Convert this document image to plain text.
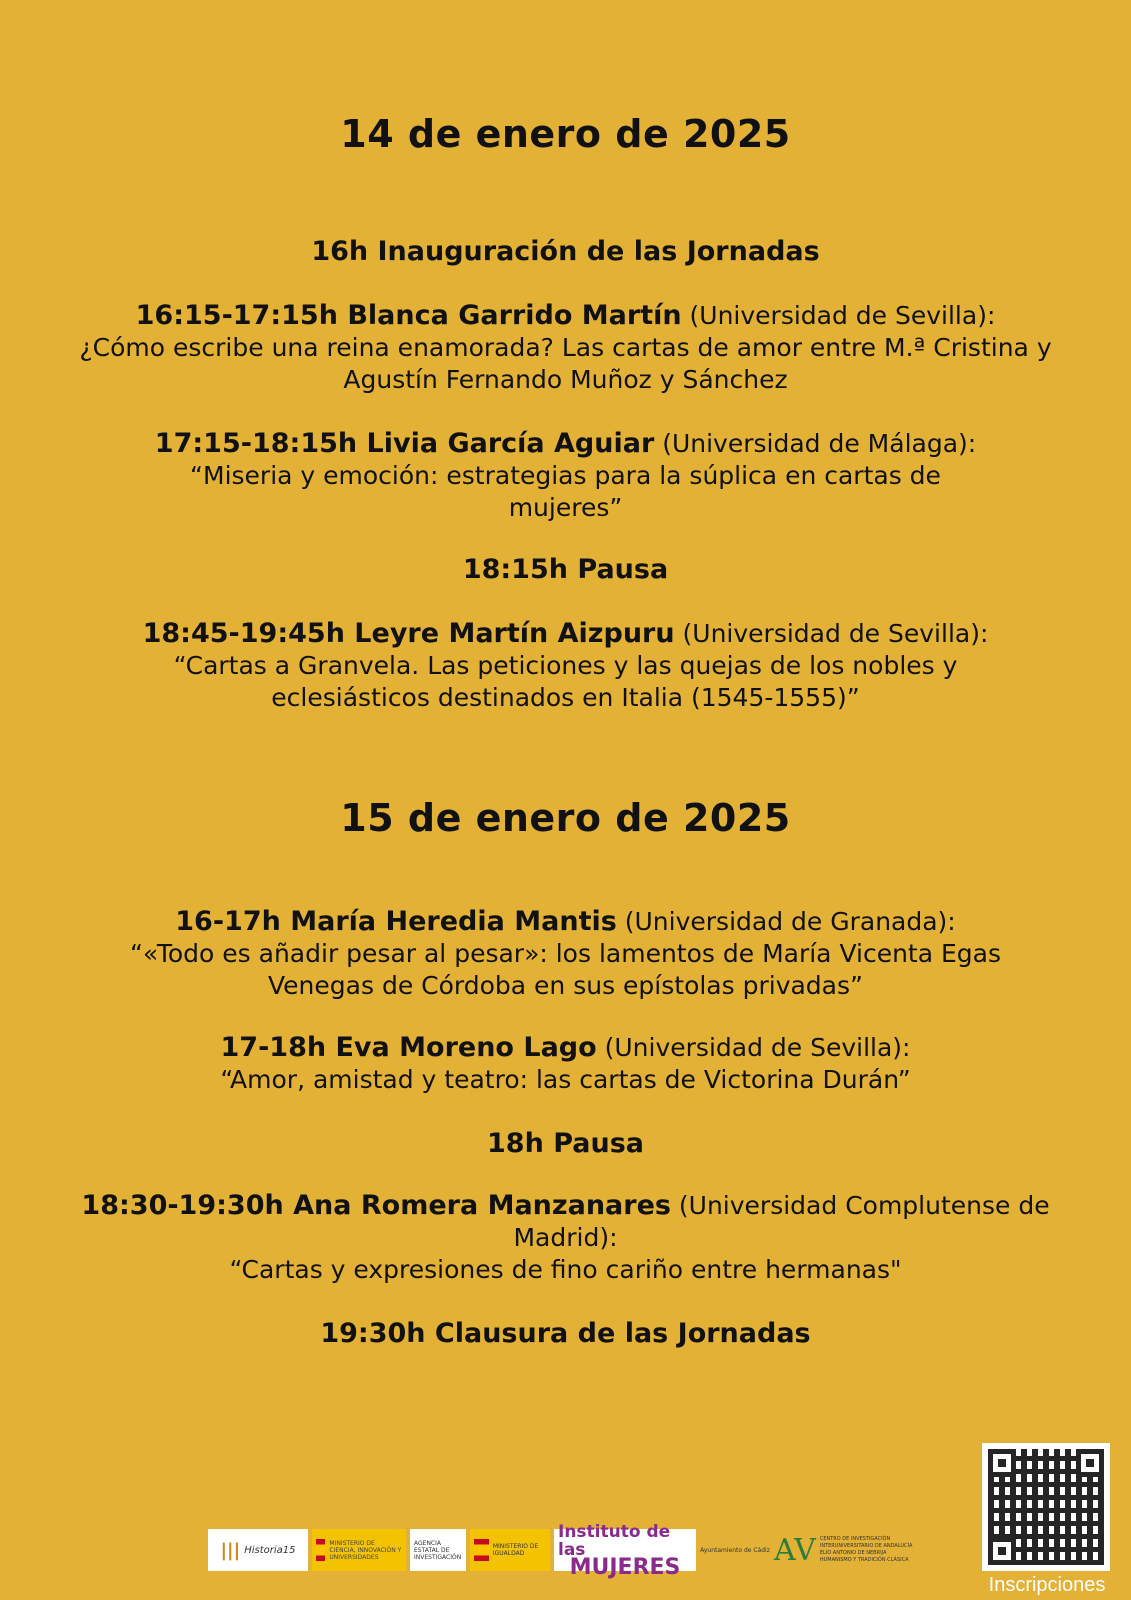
14 de enero de 2025
16h Inauguración de las Jornadas
16:15-17:15h Blanca Garrido Martín (Universidad de Sevilla):
¿Cómo escribe una reina enamorada? Las cartas de amor entre M.ª Cristina y Agustín Fernando Muñoz y Sánchez
17:15-18:15h Livia García Aguiar (Universidad de Málaga):
“Miseria y emoción: estrategias para la súplica en cartas de mujeres”
18:15h Pausa
18:45-19:45h Leyre Martín Aizpuru (Universidad de Sevilla):
“Cartas a Granvela. Las peticiones y las quejas de los nobles y eclesiásticos destinados en Italia (1545-1555)”
15 de enero de 2025
16-17h María Heredia Mantis (Universidad de Granada):
“«Todo es añadir pesar al pesar»: los lamentos de María Vicenta Egas Venegas de Córdoba en sus epístolas privadas”
17-18h Eva Moreno Lago (Universidad de Sevilla):
“Amor, amistad y teatro: las cartas de Victorina Durán”
18h Pausa
18:30-19:30h Ana Romera Manzanares (Universidad Complutense de Madrid):
“Cartas y expresiones de fino cariño entre hermanas"
19:30h Clausura de las Jornadas
||| Historia15
MINISTERIO DE CIENCIA, INNOVACIÓN Y UNIVERSIDADES
AGENCIA ESTATAL DE INVESTIGACIÓN
MINISTERIO DE IGUALDAD
Instituto de las
MUJERES
Ayuntamiento de Cádiz AV CENTRO DE INVESTIGACIÓN INTERUNIVERSITARIO DE ANDALUCÍA ELIO ANTONIO DE NEBRIJA HUMANISMO Y TRADICIÓN CLÁSICA
Inscripciones
